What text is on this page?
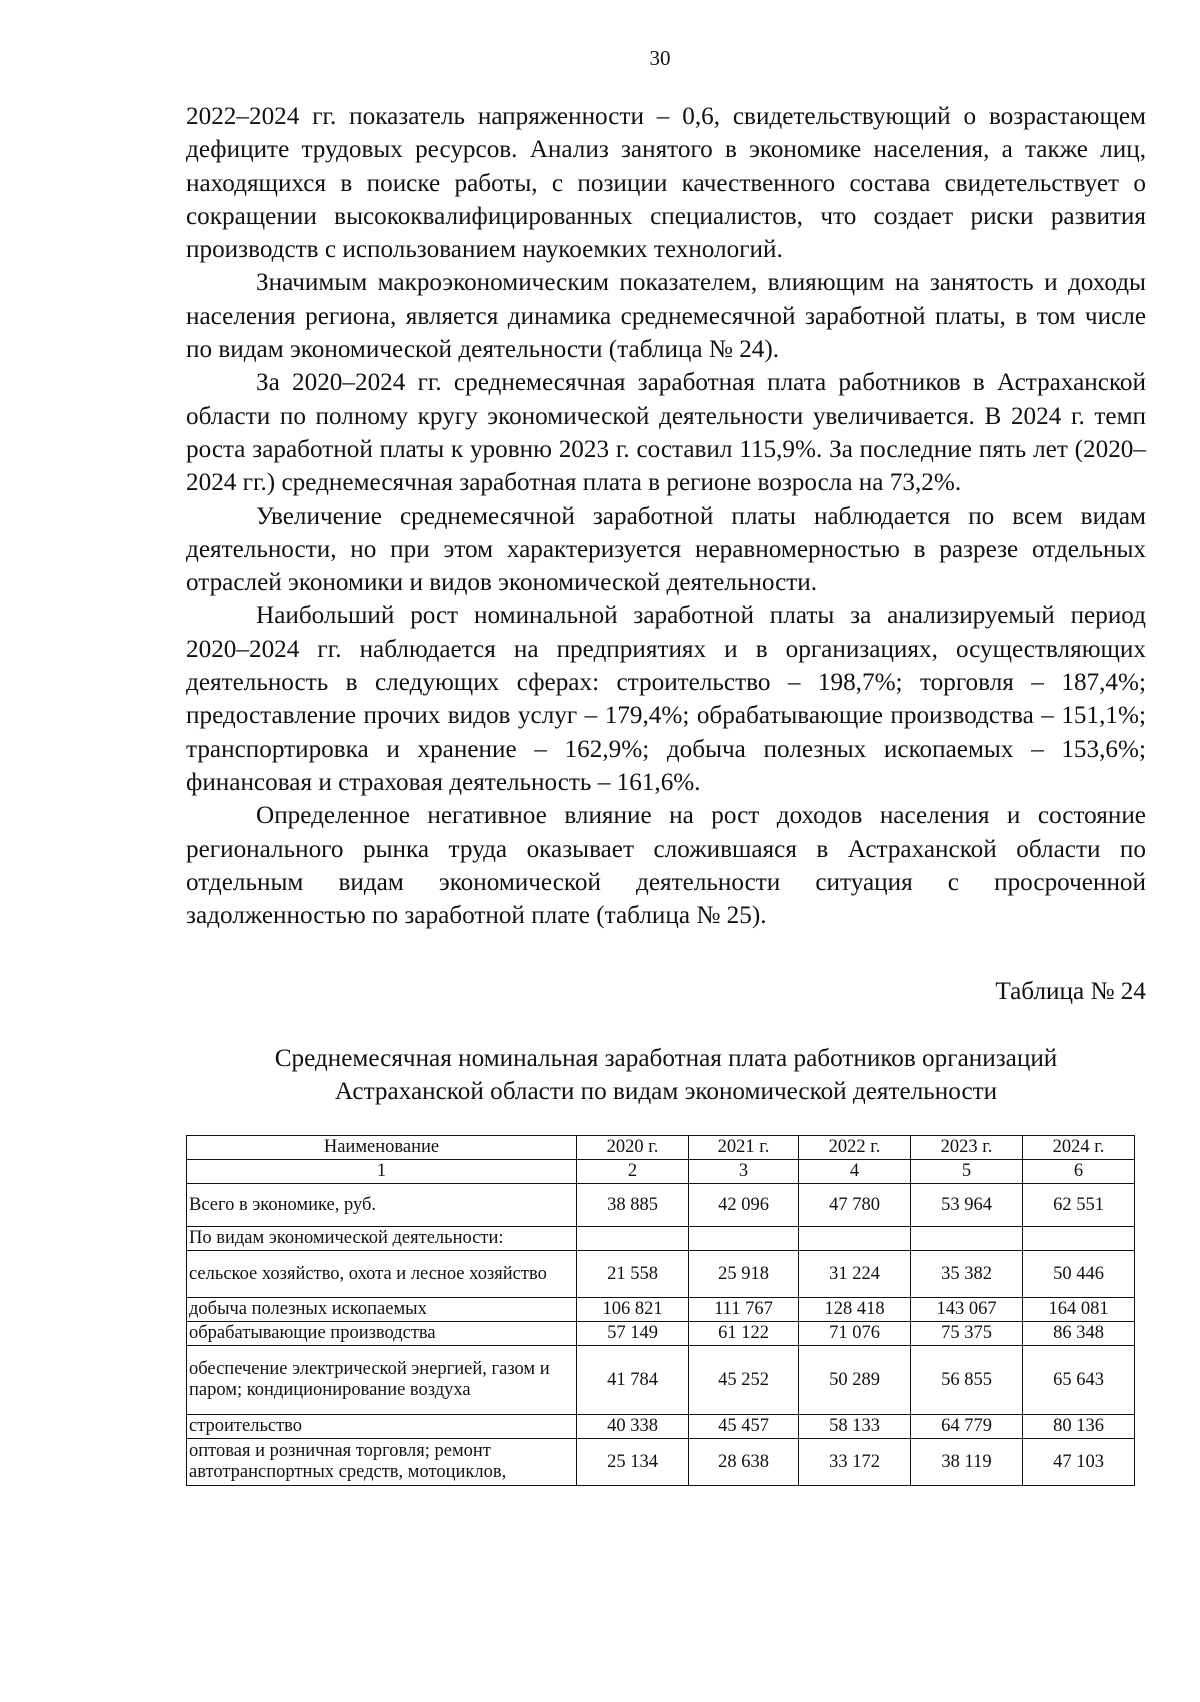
30

2022–2024 гг. показатель напряженности – 0,6, свидетельствующий о возрастающем дефиците трудовых ресурсов. Анализ занятого в экономике населения, а также лиц, находящихся в поиске работы, с позиции качественного состава свидетельствует о сокращении высококвалифицированных специалистов, что создает риски развития производств с использованием наукоемких технологий.

Значимым макроэкономическим показателем, влияющим на занятость и доходы населения региона, является динамика среднемесячной заработной платы, в том числе по видам экономической деятельности (таблица № 24).

За 2020–2024 гг. среднемесячная заработная плата работников в Астраханской области по полному кругу экономической деятельности увеличивается. В 2024 г. темп роста заработной платы к уровню 2023 г. составил 115,9%. За последние пять лет (2020–2024 гг.) среднемесячная заработная плата в регионе возросла на 73,2%.

Увеличение среднемесячной заработной платы наблюдается по всем видам деятельности, но при этом характеризуется неравномерностью в разрезе отдельных отраслей экономики и видов экономической деятельности.

Наибольший рост номинальной заработной платы за анализируемый период 2020–2024 гг. наблюдается на предприятиях и в организациях, осуществляющих деятельность в следующих сферах: строительство – 198,7%; торговля – 187,4%; предоставление прочих видов услуг – 179,4%; обрабатывающие производства – 151,1%; транспортировка и хранение – 162,9%; добыча полезных ископаемых – 153,6%; финансовая и страховая деятельность – 161,6%.

Определенное негативное влияние на рост доходов населения и состояние регионального рынка труда оказывает сложившаяся в Астраханской области по отдельным видам экономической деятельности ситуация с просроченной задолженностью по заработной плате (таблица № 25).

Таблица № 24
Среднемесячная номинальная заработная плата работников организаций
Астраханской области по видам экономической деятельности
Наименование	2020 г.	2021 г.	2022 г.	2023 г.	2024 г.
1	2	3	4	5	6
Всего в экономике, руб.	38 885	42 096	47 780	53 964	62 551
По видам экономической деятельности:					
сельское хозяйство, охота и лесное хозяйство	21 558	25 918	31 224	35 382	50 446
добыча полезных ископаемых	106 821	111 767	128 418	143 067	164 081
обрабатывающие производства	57 149	61 122	71 076	75 375	86 348
обеспечение электрической энергией, газом и паром; кондиционирование воздуха	41 784	45 252	50 289	56 855	65 643
строительство	40 338	45 457	58 133	64 779	80 136
оптовая и розничная торговля; ремонт автотранспортных средств, мотоциклов,	25 134	28 638	33 172	38 119	47 103
